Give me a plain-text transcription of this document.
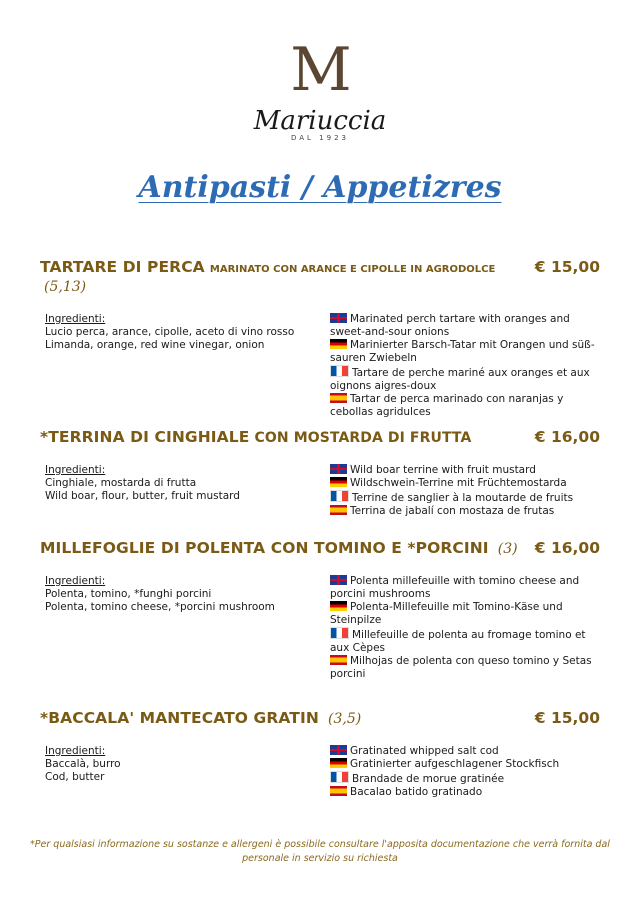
M
Mariuccia
DAL 1923
Antipasti / Appetizres
TARTARE DI PERCA MARINATO CON ARANCE E CIPOLLE IN AGRODOLCE (5,13)
€ 15,00
Ingredienti:
Lucio perca, arance, cipolle, aceto di vino rosso
Limanda, orange, red wine vinegar, onion
Marinated perch tartare with oranges and sweet-and-sour onions
Marinierter Barsch-Tatar mit Orangen und süß-sauren Zwiebeln
Tartare de perche mariné aux oranges et aux oignons aigres-doux
Tartar de perca marinado con naranjas y cebollas agridulces
*TERRINA DI CINGHIALE CON MOSTARDA DI FRUTTA	€ 16,00
Ingredienti:
Cinghiale, mostarda di frutta
Wild boar, flour, butter, fruit mustard
Wild boar terrine with fruit mustard
Wildschwein-Terrine mit Früchtemostarda
Terrine de sanglier à la moutarde de fruits
Terrina de jabalí con mostaza de frutas
MILLEFOGLIE DI POLENTA CON TOMINO E *PORCINI (3) € 16,00
Ingredienti:
Polenta, tomino, *funghi porcini
Polenta, tomino cheese, *porcini mushroom
Polenta millefeuille with tomino cheese and porcini mushrooms
Polenta-Millefeuille mit Tomino-Käse und Steinpilze
Millefeuille de polenta au fromage tomino et aux Cèpes
Milhojas de polenta con queso tomino y Setas porcini
*BACCALA' MANTECATO GRATIN (3,5)	€ 15,00
Ingredienti:
Baccalà, burro
Cod, butter
Gratinated whipped salt cod
Gratinierter aufgeschlagener Stockfisch
Brandade de morue gratinée
Bacalao batido gratinado
*Per qualsiasi informazione su sostanze e allergeni è possibile consultare l'apposita documentazione che verrà fornita dal personale in servizio su richiesta
